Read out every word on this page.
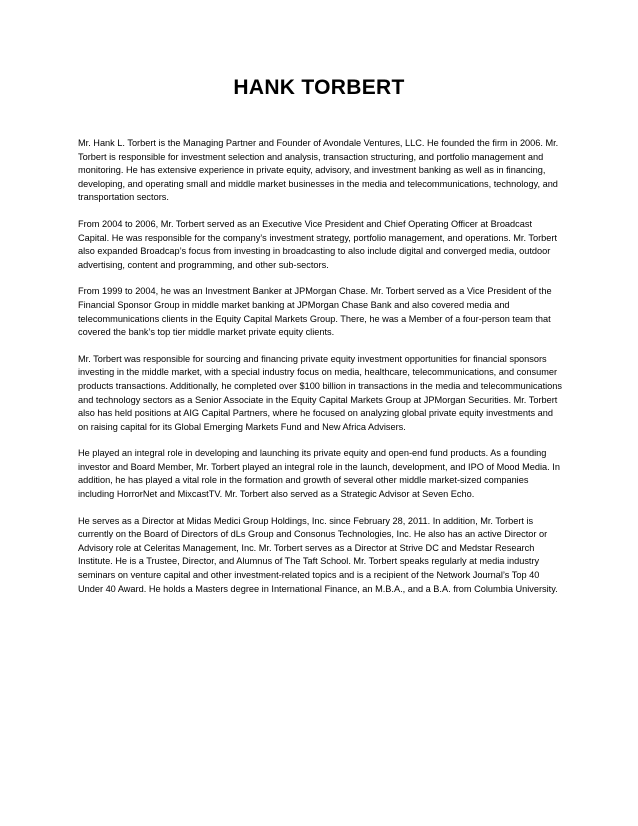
HANK TORBERT

Mr. Hank L. Torbert is the Managing Partner and Founder of Avondale Ventures, LLC. He founded the firm in 2006. Mr. Torbert is responsible for investment selection and analysis, transaction structuring, and portfolio management and monitoring. He has extensive experience in private equity, advisory, and investment banking as well as in financing, developing, and operating small and middle market businesses in the media and telecommunications, technology, and transportation sectors.

From 2004 to 2006, Mr. Torbert served as an Executive Vice President and Chief Operating Officer at Broadcast Capital. He was responsible for the company’s investment strategy, portfolio management, and operations. Mr. Torbert also expanded Broadcap’s focus from investing in broadcasting to also include digital and converged media, outdoor advertising, content and programming, and other sub-sectors.

From 1999 to 2004, he was an Investment Banker at JPMorgan Chase. Mr. Torbert served as a Vice President of the Financial Sponsor Group in middle market banking at JPMorgan Chase Bank and also covered media and telecommunications clients in the Equity Capital Markets Group. There, he was a Member of a four-person team that covered the bank’s top tier middle market private equity clients.

Mr. Torbert was responsible for sourcing and financing private equity investment opportunities for financial sponsors investing in the middle market, with a special industry focus on media, healthcare, telecommunications, and consumer products transactions. Additionally, he completed over $100 billion in transactions in the media and telecommunications and technology sectors as a Senior Associate in the Equity Capital Markets Group at JPMorgan Securities. Mr. Torbert also has held positions at AIG Capital Partners, where he focused on analyzing global private equity investments and on raising capital for its Global Emerging Markets Fund and New Africa Advisers.

He played an integral role in developing and launching its private equity and open-end fund products. As a founding investor and Board Member, Mr. Torbert played an integral role in the launch, development, and IPO of Mood Media. In addition, he has played a vital role in the formation and growth of several other middle market-sized companies including HorrorNet and MixcastTV. Mr. Torbert also served as a Strategic Advisor at Seven Echo.

He serves as a Director at Midas Medici Group Holdings, Inc. since February 28, 2011. In addition, Mr. Torbert is currently on the Board of Directors of dLs Group and Consonus Technologies, Inc. He also has an active Director or Advisory role at Celeritas Management, Inc. Mr. Torbert serves as a Director at Strive DC and Medstar Research Institute. He is a Trustee, Director, and Alumnus of The Taft School. Mr. Torbert speaks regularly at media industry seminars on venture capital and other investment-related topics and is a recipient of the Network Journal’s Top 40 Under 40 Award. He holds a Masters degree in International Finance, an M.B.A., and a B.A. from Columbia University.
